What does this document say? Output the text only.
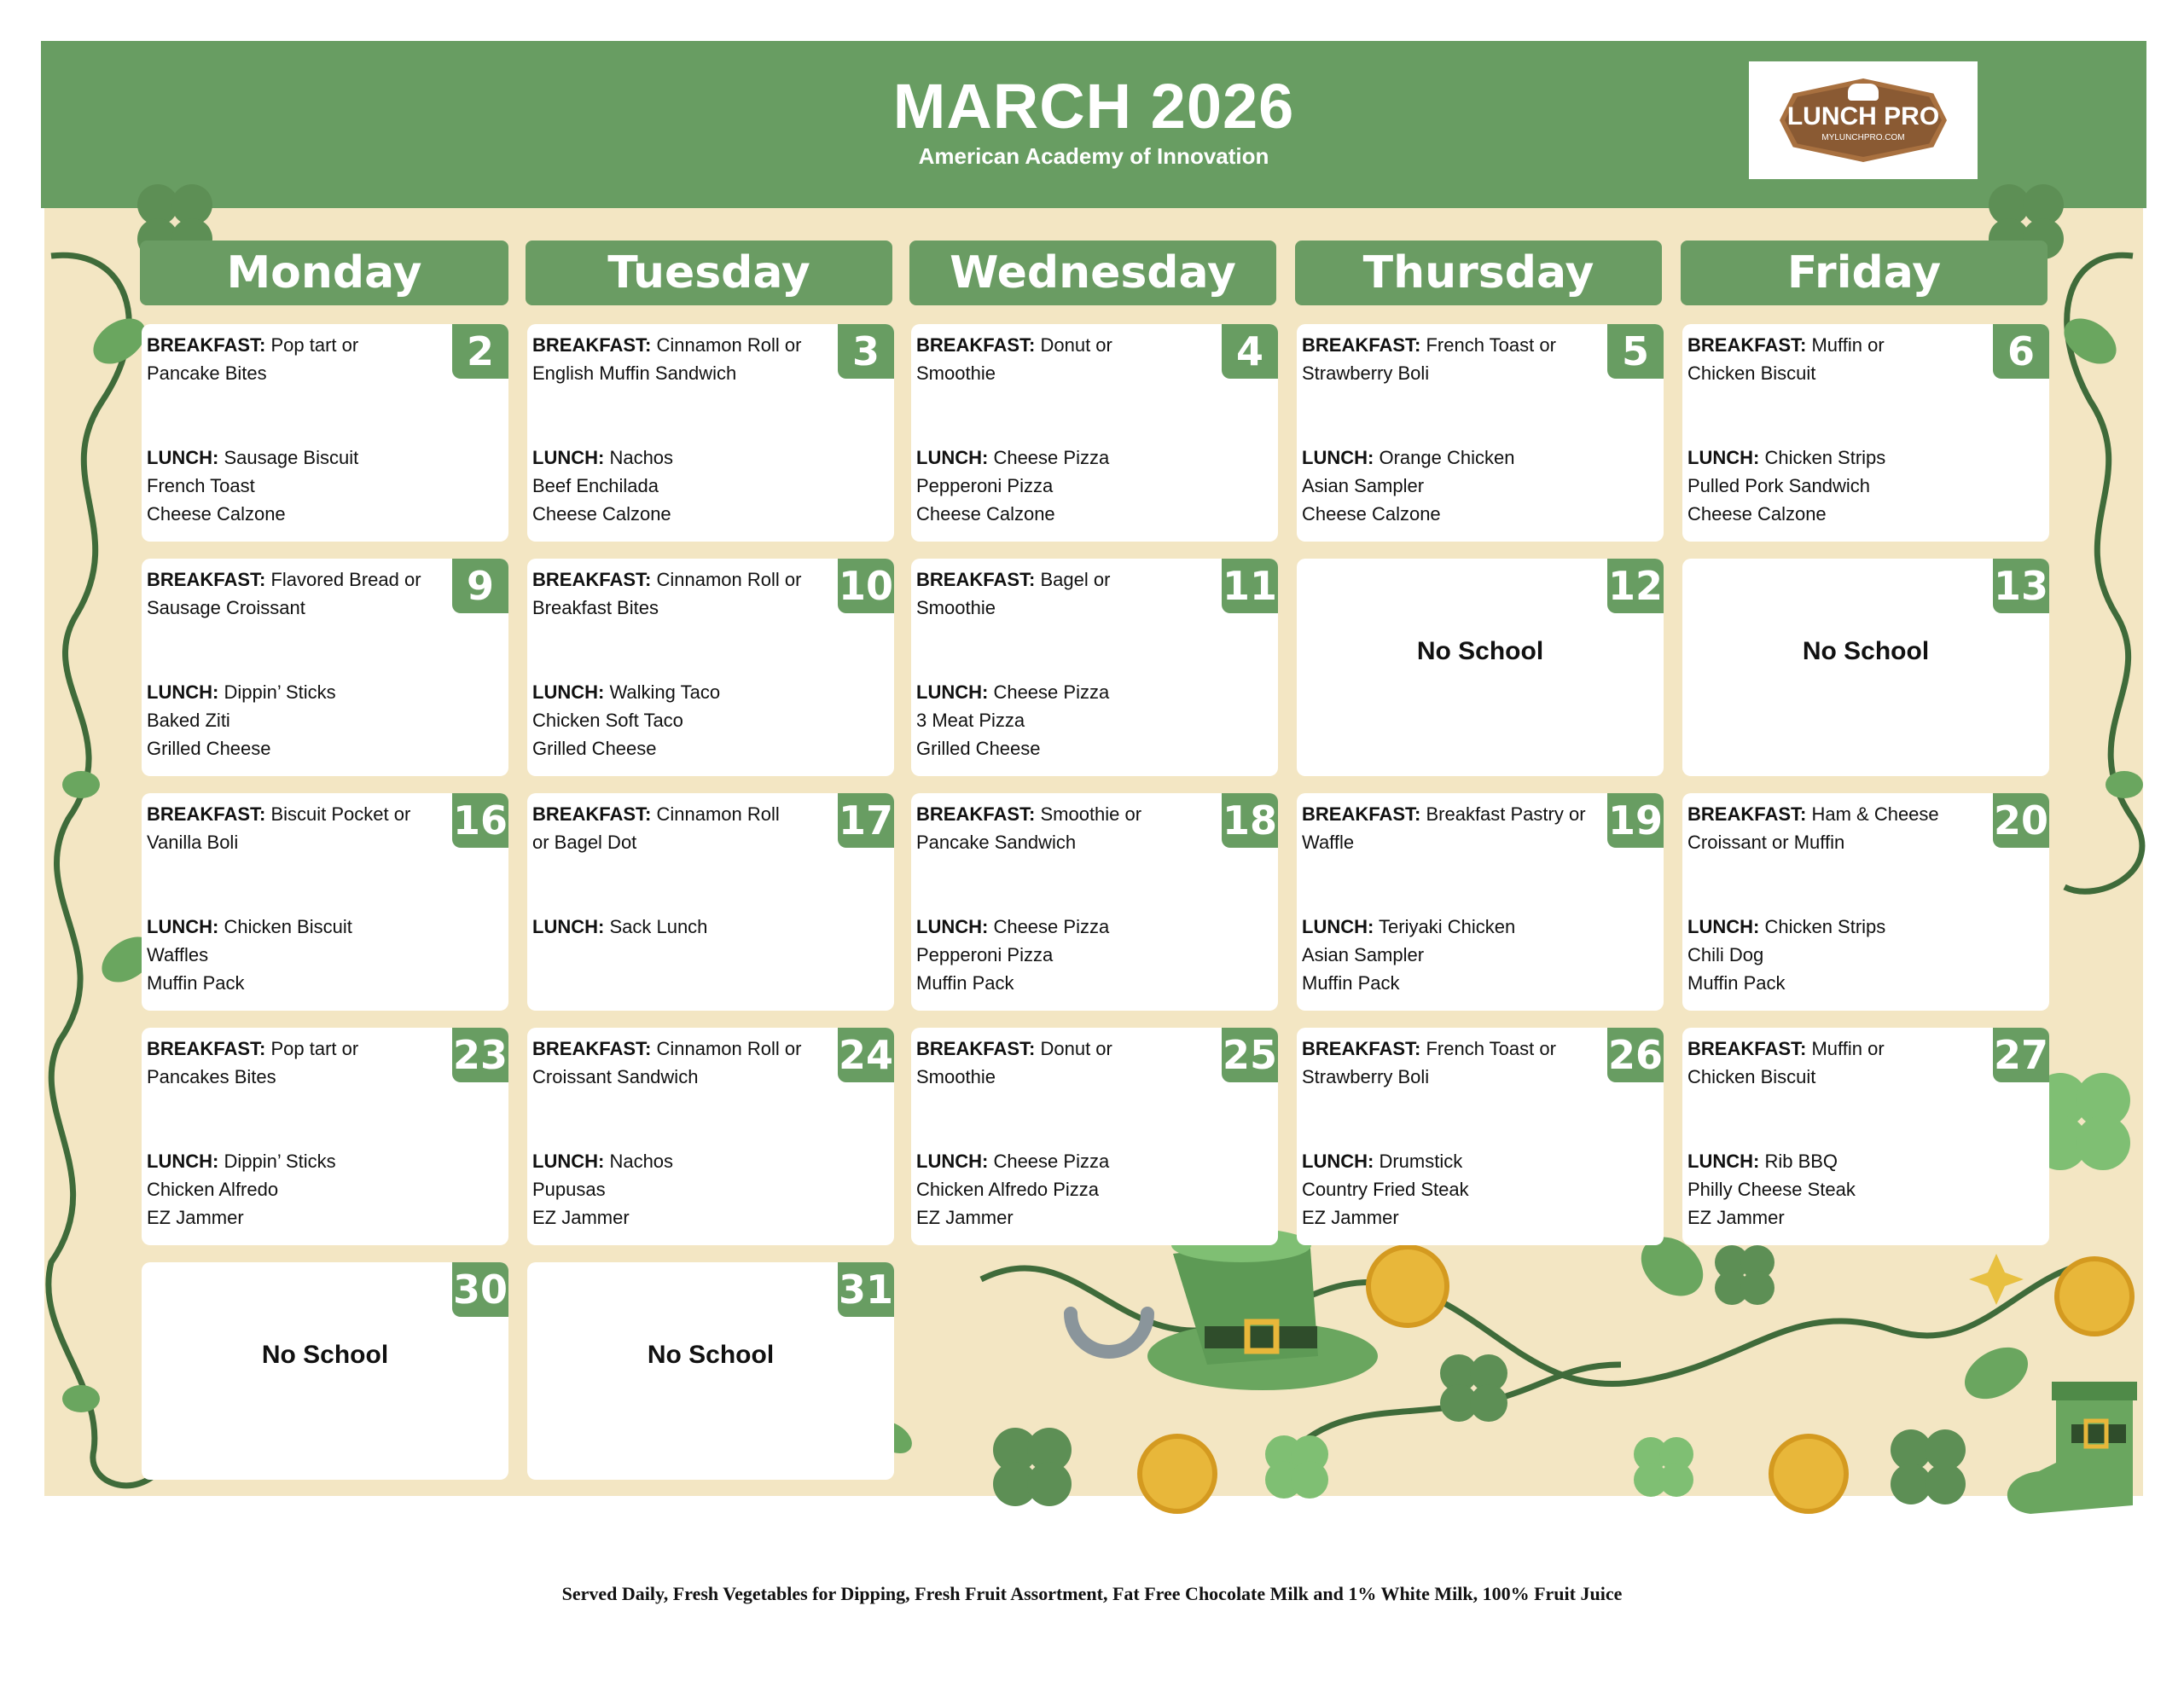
MARCH 2026
American Academy of Innovation
LUNCH PRO
MYLUNCHPRO.COM
Monday	Tuesday	Wednesday	Thursday	Friday
2
BREAKFAST: Pop tart or
Pancake Bites
LUNCH: Sausage Biscuit
French Toast
Cheese Calzone
3
BREAKFAST: Cinnamon Roll or
English Muffin Sandwich
LUNCH: Nachos
Beef Enchilada
Cheese Calzone
4
BREAKFAST: Donut or
Smoothie
LUNCH: Cheese Pizza
Pepperoni Pizza
Cheese Calzone
5
BREAKFAST: French Toast or
Strawberry Boli
LUNCH: Orange Chicken
Asian Sampler
Cheese Calzone
6
BREAKFAST: Muffin or
Chicken Biscuit
LUNCH: Chicken Strips
Pulled Pork Sandwich
Cheese Calzone
9
BREAKFAST: Flavored Bread or
Sausage Croissant
LUNCH: Dippin’ Sticks
Baked Ziti
Grilled Cheese
10
BREAKFAST: Cinnamon Roll or
Breakfast Bites
LUNCH: Walking Taco
Chicken Soft Taco
Grilled Cheese
11
BREAKFAST: Bagel or
Smoothie
LUNCH: Cheese Pizza
3 Meat Pizza
Grilled Cheese
12
No School
13
No School
16
BREAKFAST: Biscuit Pocket or
Vanilla Boli
LUNCH: Chicken Biscuit
Waffles
Muffin Pack
17
BREAKFAST: Cinnamon Roll
or Bagel Dot
LUNCH: Sack Lunch
18
BREAKFAST: Smoothie or
Pancake Sandwich
LUNCH: Cheese Pizza
Pepperoni Pizza
Muffin Pack
19
BREAKFAST: Breakfast Pastry or
Waffle
LUNCH: Teriyaki Chicken
Asian Sampler
Muffin Pack
20
BREAKFAST: Ham & Cheese
Croissant or Muffin
LUNCH: Chicken Strips
Chili Dog
Muffin Pack
23
BREAKFAST: Pop tart or
Pancakes Bites
LUNCH: Dippin’ Sticks
Chicken Alfredo
EZ Jammer
24
BREAKFAST: Cinnamon Roll or
Croissant Sandwich
LUNCH: Nachos
Pupusas
EZ Jammer
25
BREAKFAST: Donut or
Smoothie
LUNCH: Cheese Pizza
Chicken Alfredo Pizza
EZ Jammer
26
BREAKFAST: French Toast or
Strawberry Boli
LUNCH: Drumstick
Country Fried Steak
EZ Jammer
27
BREAKFAST: Muffin or
Chicken Biscuit
LUNCH: Rib BBQ
Philly Cheese Steak
EZ Jammer
30
No School
31
No School
Served Daily, Fresh Vegetables for Dipping, Fresh Fruit Assortment, Fat Free Chocolate Milk and 1% White Milk, 100% Fruit Juice
